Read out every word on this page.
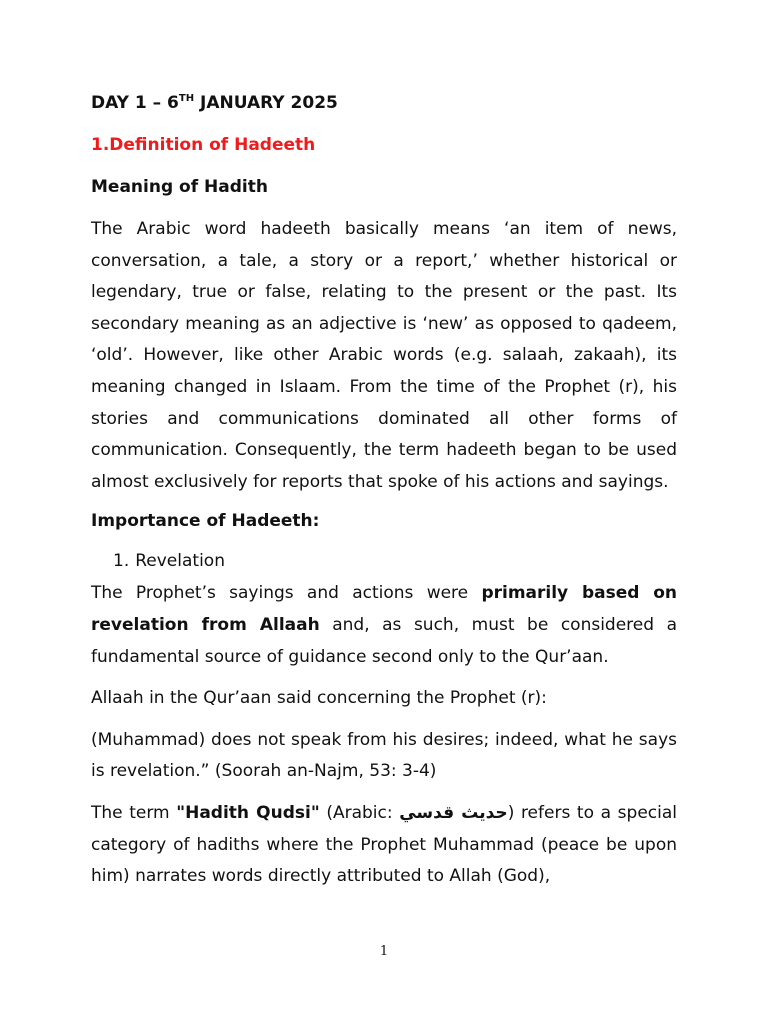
DAY 1 – 6TH JANUARY 2025
1.Definition of Hadeeth
Meaning of Hadith

The Arabic word hadeeth basically means ‘an item of news, conversation, a tale, a story or a report,’ whether historical or legendary, true or false, relating to the present or the past. Its secondary meaning as an adjective is ‘new’ as opposed to qadeem, ‘old’. However, like other Arabic words (e.g. salaah, zakaah), its meaning changed in Islaam. From the time of the Prophet (r), his stories and communications dominated all other forms of communication. Consequently, the term hadeeth began to be used almost exclusively for reports that spoke of his actions and sayings.

Importance of Hadeeth:
1. Revelation

The Prophet’s sayings and actions were primarily based on revelation from Allaah and, as such, must be considered a fundamental source of guidance second only to the Qur’aan.

Allaah in the Qur’aan said concerning the Prophet (r):

(Muhammad) does not speak from his desires; indeed, what he says is revelation.” (Soorah an-Najm, 53: 3-4)

The term "Hadith Qudsi" (Arabic: حديث قدسي) refers to a special category of hadiths where the Prophet Muhammad (peace be upon him) narrates words directly attributed to Allah (God),

1
